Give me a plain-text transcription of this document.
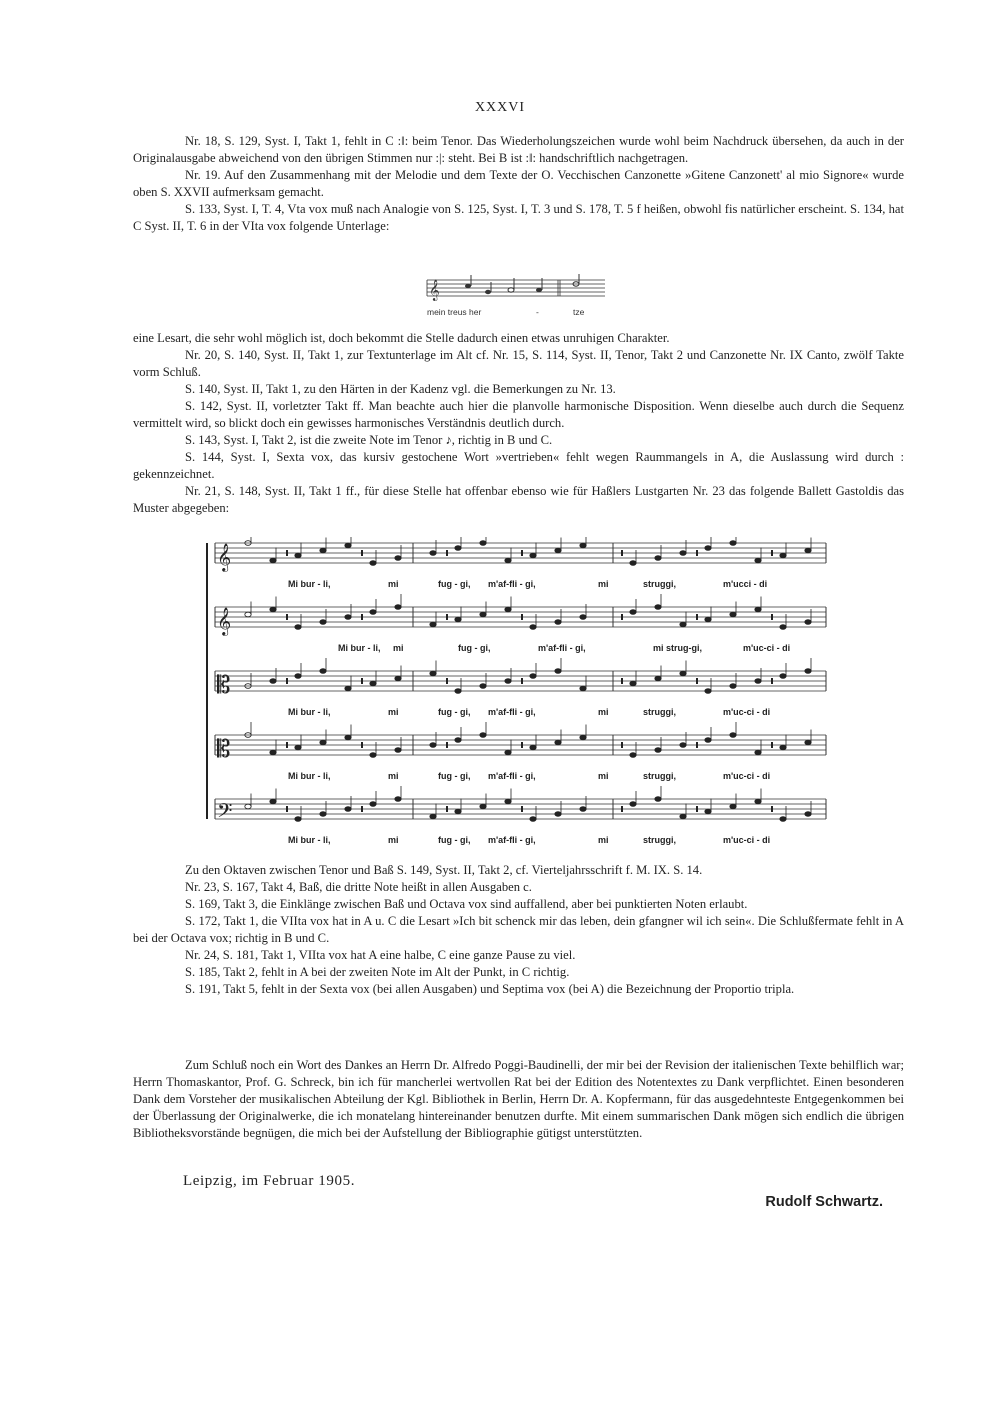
XXXVI

Nr. 18, S. 129, Syst. I, Takt 1, fehlt in C :‖: beim Tenor. Das Wiederholungszeichen wurde wohl beim Nachdruck übersehen, da auch in der Originalausgabe abweichend von den übrigen Stimmen nur :|: steht. Bei B ist :‖: handschriftlich nachgetragen.

Nr. 19. Auf den Zusammenhang mit der Melodie und dem Texte der O. Vecchischen Canzonette »Gitene Canzonett' al mio Signore« wurde oben S. XXVII aufmerksam gemacht.

S. 133, Syst. I, T. 4, Vta vox muß nach Analogie von S. 125, Syst. I, T. 3 und S. 178, T. 5 f heißen, obwohl fis natürlicher erscheint. S. 134, hat C Syst. II, T. 6 in der VIta vox folgende Unterlage:

𝄞
mein treus her	-	tze

eine Lesart, die sehr wohl möglich ist, doch bekommt die Stelle dadurch einen etwas unruhigen Charakter.

Nr. 20, S. 140, Syst. II, Takt 1, zur Textunterlage im Alt cf. Nr. 15, S. 114, Syst. II, Tenor, Takt 2 und Canzonette Nr. IX Canto, zwölf Takte vorm Schluß.

S. 140, Syst. II, Takt 1, zu den Härten in der Kadenz vgl. die Bemerkungen zu Nr. 13.

S. 142, Syst. II, vorletzter Takt ff. Man beachte auch hier die planvolle harmonische Disposition. Wenn dieselbe auch durch die Sequenz vermittelt wird, so blickt doch ein gewisses harmonisches Verständnis deutlich durch.

S. 143, Syst. I, Takt 2, ist die zweite Note im Tenor ♪, richtig in B und C.

S. 144, Syst. I, Sexta vox, das kursiv gestochene Wort »vertrieben« fehlt wegen Raummangels in A, die Auslassung wird durch : gekennzeichnet.

Nr. 21, S. 148, Syst. II, Takt 1 ff., für diese Stelle hat offenbar ebenso wie für Haßlers Lustgarten Nr. 23 das folgende Ballett Gastoldis das Muster abgegeben:

𝄞
𝄞
𝄡
𝄡
𝄢
Mi bur - li,	mi	fug - gi, m'af-fli - gi,	mi	struggi,	m'ucci - di
Mi bur - li, mi	fug - gi,	m'af-fli - gi,	mi strug-gi,	m'uc-ci - di
Mi bur - li,	mi	fug - gi, m'af-fli - gi,	mi	struggi,	m'uc-ci - di
Mi bur - li,	mi	fug - gi, m'af-fli - gi,	mi	struggi,	m'uc-ci - di
Mi bur - li,	mi	fug - gi, m'af-fli - gi,	mi	struggi,	m'uc-ci - di

Zu den Oktaven zwischen Tenor und Baß S. 149, Syst. II, Takt 2, cf. Vierteljahrsschrift f. M. IX. S. 14.

Nr. 23, S. 167, Takt 4, Baß, die dritte Note heißt in allen Ausgaben c.

S. 169, Takt 3, die Einklänge zwischen Baß und Octava vox sind auffallend, aber bei punktierten Noten erlaubt.

S. 172, Takt 1, die VIIta vox hat in A u. C die Lesart »Ich bit schenck mir das leben, dein gfangner wil ich sein«. Die Schlußfermate fehlt in A bei der Octava vox; richtig in B und C.

Nr. 24, S. 181, Takt 1, VIIta vox hat A eine halbe, C eine ganze Pause zu viel.

S. 185, Takt 2, fehlt in A bei der zweiten Note im Alt der Punkt, in C richtig.

S. 191, Takt 5, fehlt in der Sexta vox (bei allen Ausgaben) und Septima vox (bei A) die Bezeichnung der Proportio tripla.

Zum Schluß noch ein Wort des Dankes an Herrn Dr. Alfredo Poggi-Baudinelli, der mir bei der Revision der italienischen Texte behilflich war; Herrn Thomaskantor, Prof. G. Schreck, bin ich für mancherlei wertvollen Rat bei der Edition des Notentextes zu Dank verpflichtet. Einen besonderen Dank dem Vorsteher der musikalischen Abteilung der Kgl. Bibliothek in Berlin, Herrn Dr. A. Kopfermann, für das ausgedehnteste Entgegenkommen bei der Überlassung der Originalwerke, die ich monatelang hintereinander benutzen durfte. Mit einem summarischen Dank mögen sich endlich die übrigen Bibliotheksvorstände begnügen, die mich bei der Aufstellung der Bibliographie gütigst unterstützten.

Leipzig, im Februar 1905.
Rudolf Schwartz.
